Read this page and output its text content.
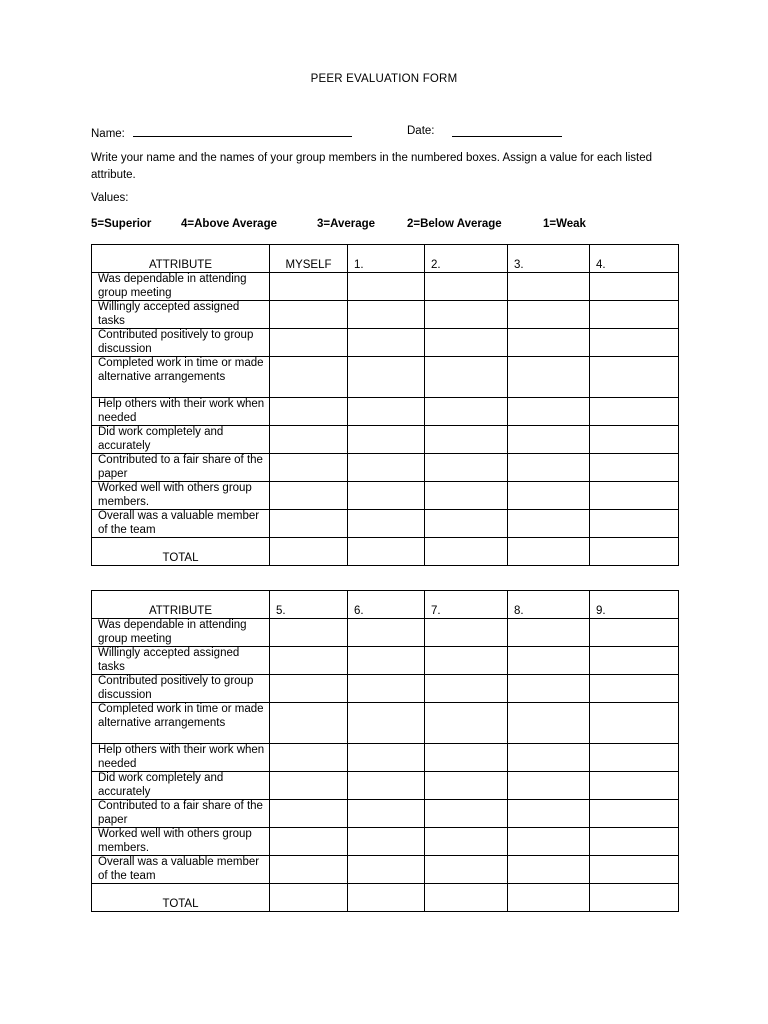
PEER EVALUATION FORM
Name:	Date:
Write your name and the names of your group members in the numbered boxes. Assign a value for each listed attribute.
Values:
5=Superior	4=Above Average	3=Average	2=Below Average	1=Weak
ATTRIBUTE	MYSELF	1.	2.	3.	4.
Was dependable in attending group meeting					
Willingly accepted assigned tasks					
Contributed positively to group discussion					
Completed work in time or made alternative arrangements					
Help others with their work when needed					
Did work completely and accurately					
Contributed to a fair share of the paper					
Worked well with others group members.					
Overall was a valuable member of the team					
TOTAL					
ATTRIBUTE	5.	6.	7.	8.	9.
Was dependable in attending group meeting					
Willingly accepted assigned tasks					
Contributed positively to group discussion					
Completed work in time or made alternative arrangements					
Help others with their work when needed					
Did work completely and accurately					
Contributed to a fair share of the paper					
Worked well with others group members.					
Overall was a valuable member of the team					
TOTAL					
